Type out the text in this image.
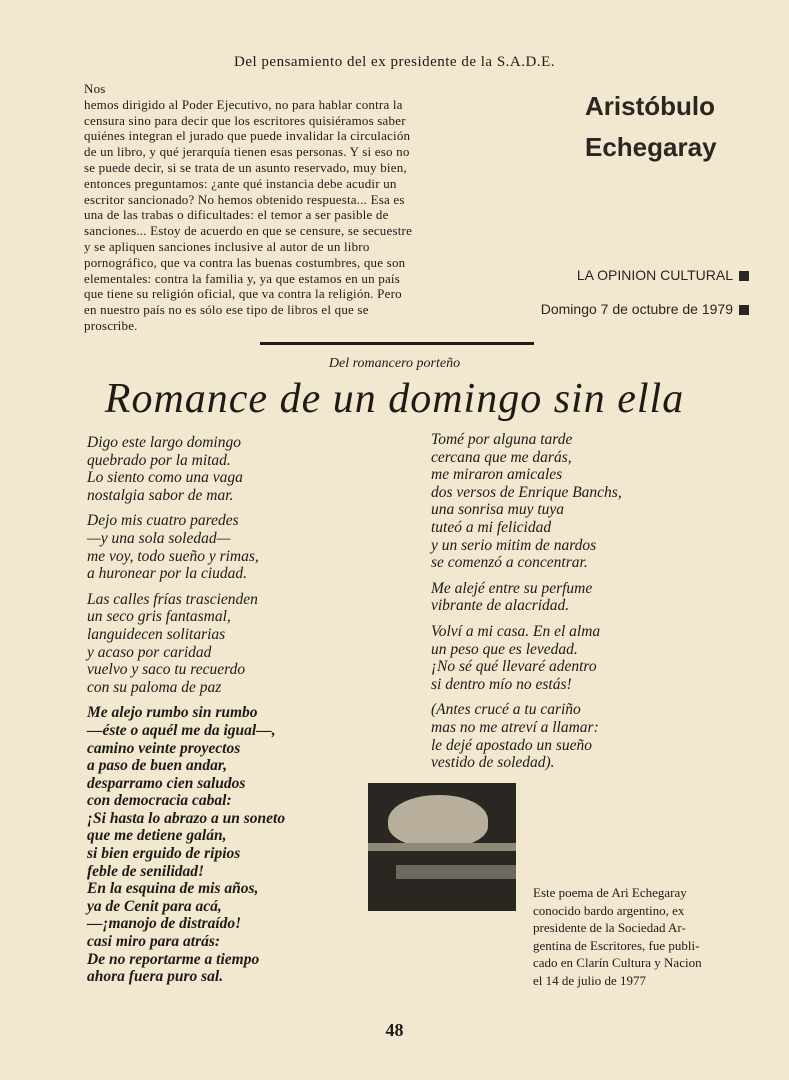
Del pensamiento del ex presidente de la S.A.D.E.

Nos

hemos dirigido al Poder Ejecutivo, no para hablar contra la

censura sino para decir que los escritores quisiéramos saber

quiénes integran el jurado que puede invalidar la circulación

de un libro, y qué jerarquía tienen esas personas. Y si eso no

se puede decir, si se trata de un asunto reservado, muy bien,

entonces preguntamos: ¿ante qué instancia debe acudir un

escritor sancionado? No hemos obtenido respuesta... Esa es

una de las trabas o dificultades: el temor a ser pasible de

sanciones... Estoy de acuerdo en que se censure, se secuestre

y se apliquen sanciones inclusive al autor de un libro

pornográfico, que va contra las buenas costumbres, que son

elementales: contra la familia y, ya que estamos en un país

que tiene su religión oficial, que va contra la religión. Pero

en nuestro país no es sólo ese tipo de libros el que se

proscribe.

Aristóbulo
Echegaray
LA OPINION CULTURAL
Domingo 7 de octubre de 1979
Del romancero porteño
Romance de un domingo sin ella
Digo este largo domingo
quebrado por la mitad.
Lo siento como una vaga
nostalgia sabor de mar.
Dejo mis cuatro paredes
—y una sola soledad—
me voy, todo sueño y rimas,
a huronear por la ciudad.
Las calles frías trascienden
un seco gris fantasmal,
languidecen solitarias
y acaso por caridad
vuelvo y saco tu recuerdo
con su paloma de paz
Me alejo rumbo sin rumbo
—éste o aquél me da igual—,
camino veinte proyectos
a paso de buen andar,
desparramo cien saludos
con democracia cabal:
¡Si hasta lo abrazo a un soneto
que me detiene galán,
si bien erguido de ripios
feble de senilidad!
En la esquina de mis años,
ya de Cenit para acá,
—¡manojo de distraído!
casi miro para atrás:
De no reportarme a tiempo
ahora fuera puro sal.
Tomé por alguna tarde
cercana que me darás,
me miraron amicales
dos versos de Enrique Banchs,
una sonrisa muy tuya
tuteó a mi felicidad
y un serio mitim de nardos
se comenzó a concentrar.
Me alejé entre su perfume
vibrante de alacridad.
Volví a mi casa. En el alma
un peso que es levedad.
¡No sé qué llevaré adentro
si dentro mío no estás!
(Antes crucé a tu cariño
mas no me atreví a llamar:
le dejé apostado un sueño
vestido de soledad).
Este poema de Ari Echegaray
conocido bardo argentino, ex
presidente de la Sociedad Ar-
gentina de Escritores, fue publi-
cado en Clarín Cultura y Nacion
el 14 de julio de 1977
48
